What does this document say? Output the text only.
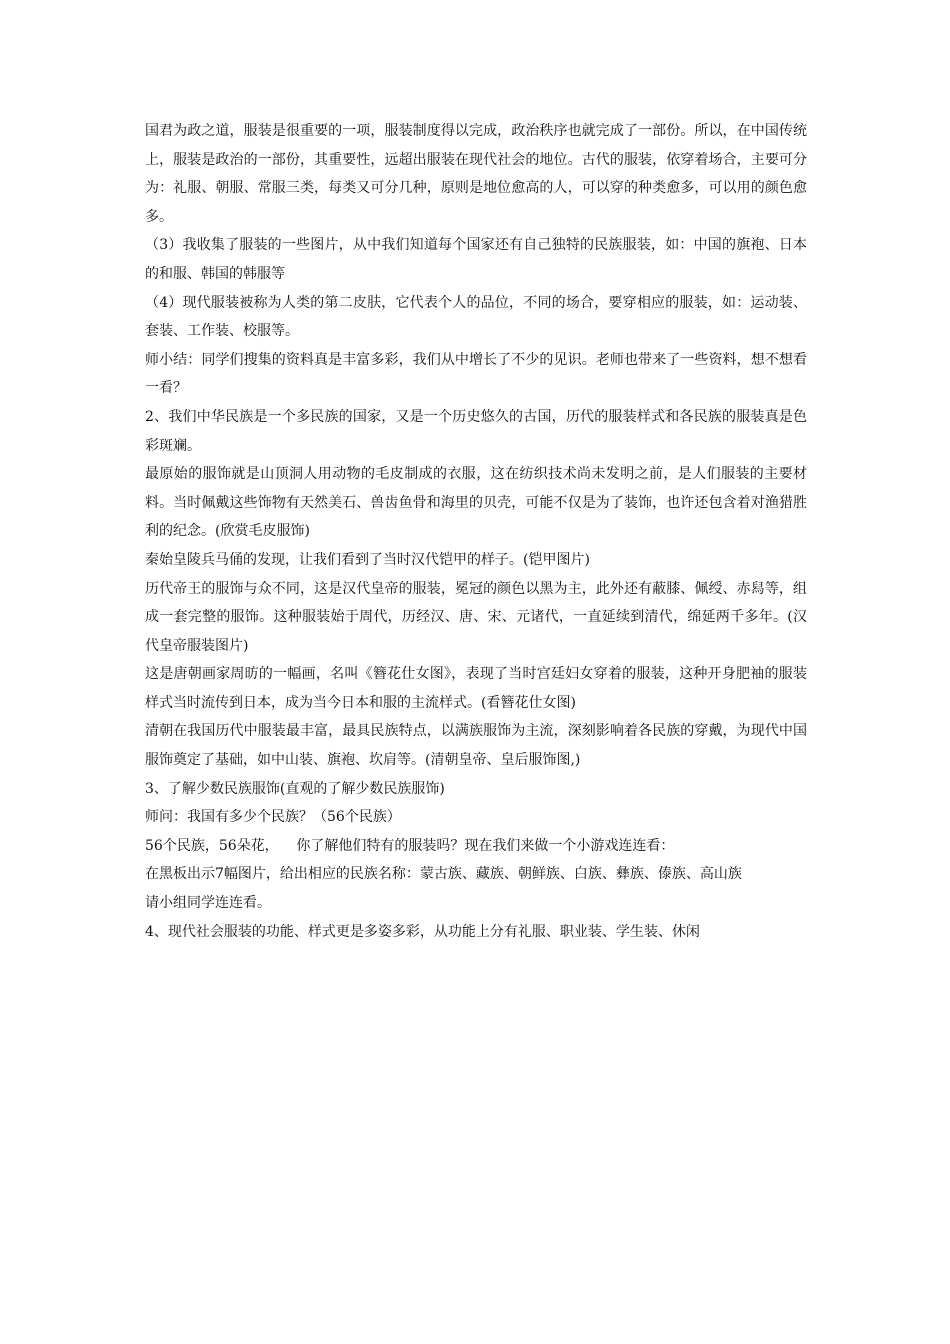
国君为政之道，服装是很重要的一项，服装制度得以完成，政治秩序也就完成了一部份。所以，在中国传统上，服装是政治的一部份，其重要性，远超出服装在现代社会的地位。古代的服装，依穿着场合，主要可分为：礼服、朝服、常服三类，每类又可分几种，原则是地位愈高的人，可以穿的种类愈多，可以用的颜色愈多。

（3）我收集了服装的一些图片，从中我们知道每个国家还有自己独特的民族服装，如：中国的旗袍、日本的和服、韩国的韩服等

（4）现代服装被称为人类的第二皮肤，它代表个人的品位，不同的场合，要穿相应的服装，如：运动装、套装、工作装、校服等。

师小结：同学们搜集的资料真是丰富多彩，我们从中增长了不少的见识。老师也带来了一些资料，想不想看一看？

2、我们中华民族是一个多民族的国家，又是一个历史悠久的古国，历代的服装样式和各民族的服装真是色彩斑斓。

最原始的服饰就是山顶洞人用动物的毛皮制成的衣服，这在纺织技术尚未发明之前，是人们服装的主要材料。当时佩戴这些饰物有天然美石、兽齿鱼骨和海里的贝壳，可能不仅是为了装饰，也许还包含着对渔猎胜利的纪念。(欣赏毛皮服饰)

秦始皇陵兵马俑的发现，让我们看到了当时汉代铠甲的样子。(铠甲图片)

历代帝王的服饰与众不同，这是汉代皇帝的服装，冕冠的颜色以黑为主，此外还有蔽膝、佩绶、赤舄等，组成一套完整的服饰。这种服装始于周代，历经汉、唐、宋、元诸代，一直延续到清代，绵延两千多年。(汉代皇帝服装图片)

这是唐朝画家周昉的一幅画，名叫《簪花仕女图》，表现了当时宫廷妇女穿着的服装，这种开身肥袖的服装样式当时流传到日本，成为当今日本和服的主流样式。(看簪花仕女图)

清朝在我国历代中服装最丰富，最具民族特点，以满族服饰为主流，深刻影响着各民族的穿戴，为现代中国服饰奠定了基础，如中山装、旗袍、坎肩等。(清朝皇帝、皇后服饰图,)

3、了解少数民族服饰(直观的了解少数民族服饰)

师问：我国有多少个民族？（56个民族）

56个民族，56朵花，    你了解他们特有的服装吗？现在我们来做一个小游戏连连看：

在黑板出示7幅图片，给出相应的民族名称：蒙古族、藏族、朝鲜族、白族、彝族、傣族、高山族

请小组同学连连看。

4、现代社会服装的功能、样式更是多姿多彩，从功能上分有礼服、职业装、学生装、休闲
